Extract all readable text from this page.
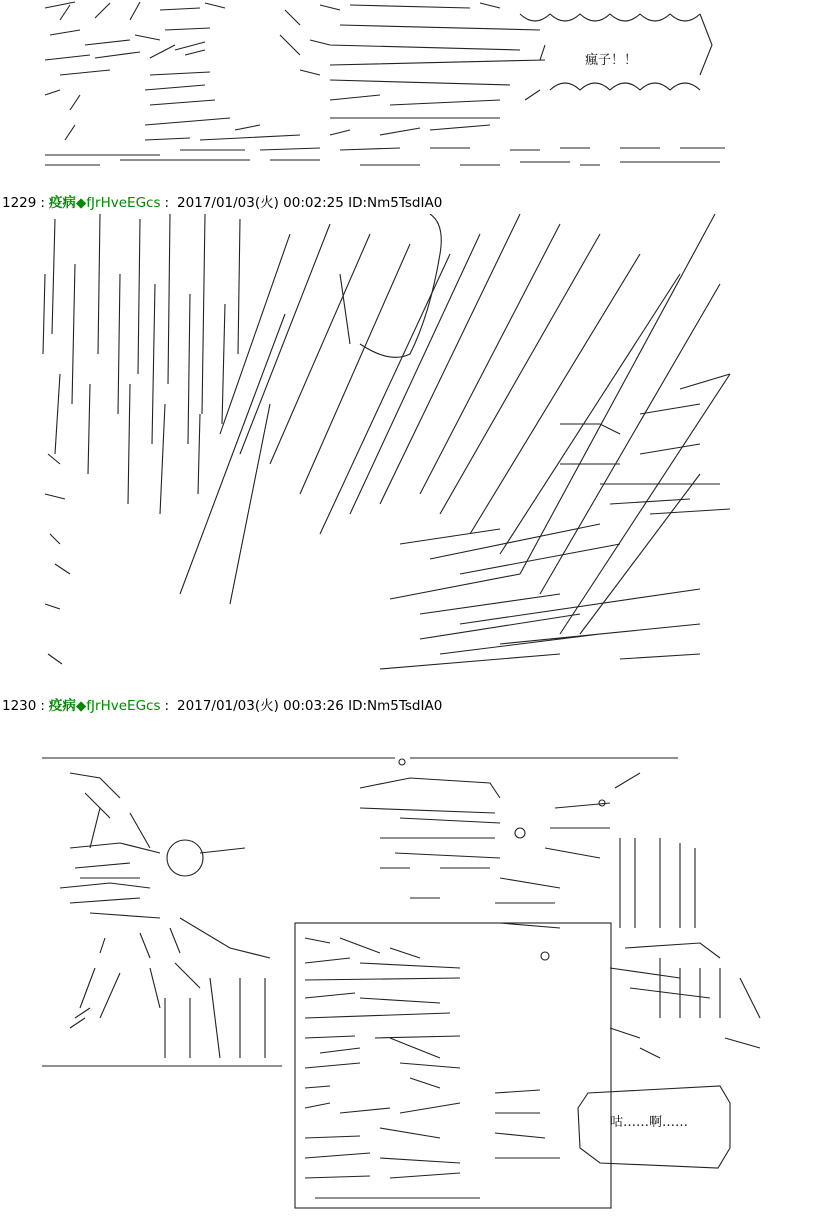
瘋子！！
1229 : 疫病◆fJrHveEGcs : 2017/01/03(火) 00:02:25 ID:Nm5TsdIA0
1230 : 疫病◆fJrHveEGcs : 2017/01/03(火) 00:03:26 ID:Nm5TsdIA0
咕……啊……
